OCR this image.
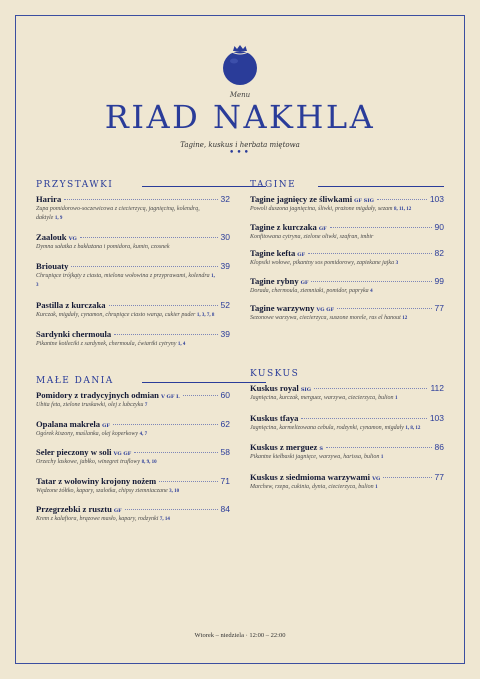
Menu
RIAD NAKHLA
Tagine, kuskus i herbata miętowa
•••
PRZYSTAWKI
Harira	32
Zupa pomidorowo-soczewicowa z ciecierzycą, jagnięciną, kolendrą, daktyle 1, 9
Zaalouk VG	30
Dymna sałatka z bakłażana i pomidora, kumin, czosnek
Briouaty	39
Chrupiące trójkąty z ciasta, mielona wołowina z przyprawami, kolendra 1, 3
Pastilla z kurczaka	52
Kurczak, migdały, cynamon, chrupiące ciasto warqa, cukier puder 1, 3, 7, 8
Sardynki chermoula	39
Pikantne kotleciki z sardynek, chermoula, ćwiartki cytryny 1, 4
MAŁE DANIA
Pomidory z tradycyjnych odmian V GF L	60
Ubita feta, zielone truskawki, olej z lubczyku 7
Opalana makrela GF	62
Ogórek kiszony, maślanka, olej koperkowy 4, 7
Seler pieczony w soli VG GF	58
Orzechy laskowe, jabłko, winegret truflowy 8, 9, 10
Tatar z wołowiny krojony nożem	71
Wędzone żółtko, kapary, szalotka, chipsy ziemniaczane 3, 10
Przegrzebki z rusztu GF	84
Krem z kalafiora, brązowe masło, kapary, rodzynki 7, 14
TAGINE
Tagine jagnięcy ze śliwkami GF SIG	103
Powoli duszona jagnięcina, śliwki, prażone migdały, sezam 8, 11, 12
Tagine z kurczaka GF	90
Konfitowana cytryna, zielone oliwki, szafran, imbir
Tagine kefta GF	82
Klopsiki wołowe, pikantny sos pomidorowy, zapiekane jajka 3
Tagine rybny GF	99
Dorada, chermoula, ziemniaki, pomidor, papryka 4
Tagine warzywny VG GF	77
Sezonowe warzywa, ciecierzyca, suszone morele, ras el hanout 12
KUSKUS
Kuskus royal SIG	112
Jagnięcina, kurczak, merguez, warzywa, ciecierzyca, bulion 1
Kuskus tfaya	103
Jagnięcina, karmelizowana cebula, rodzynki, cynamon, migdały 1, 8, 12
Kuskus z merguez S	86
Pikantne kiełbaski jagnięce, warzywa, harissa, bulion 1
Kuskus z siedmioma warzywami VG	77
Marchew, rzepa, cukinia, dynia, ciecierzyca, bulion 1
Wtorek – niedziela · 12:00 – 22:00
